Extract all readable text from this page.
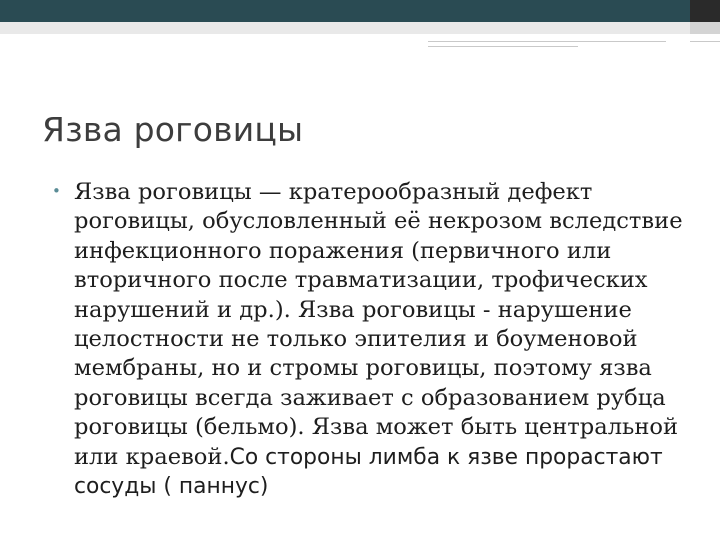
Язва роговицы
• Язва роговицы — кратерообразный дефект роговицы, обусловленный её некрозом вследствие инфекционного поражения (первичного или вторичного после травматизации, трофических нарушений и др.). Язва роговицы - нарушение целостности не только эпителия и боуменовой мембраны, но и стромы роговицы, поэтому язва роговицы всегда заживает с образованием рубца роговицы (бельмо). Язва может быть центральной или краевой.Со стороны лимба к язве прорастают сосуды ( паннус)
